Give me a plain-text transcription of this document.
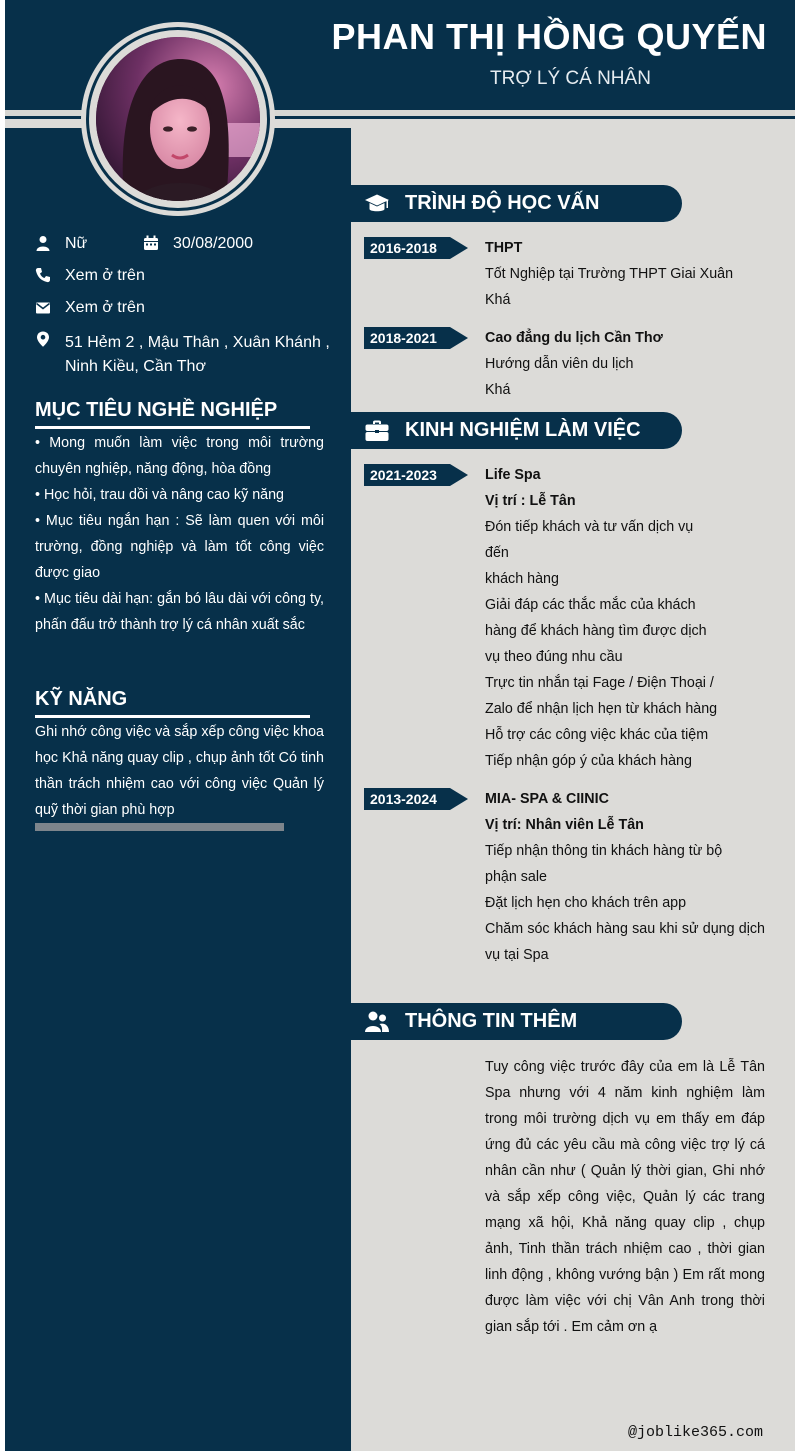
PHAN THỊ HỒNG QUYẾN
TRỢ LÝ CÁ NHÂN
Nữ	30/08/2000
Xem ở trên
Xem ở trên
51 Hẻm 2 , Mậu Thân , Xuân Khánh ,
Ninh Kiều, Cần Thơ
MỤC TIÊU NGHỀ NGHIỆP
• Mong muốn làm việc trong môi trường chuyên nghiệp, năng động, hòa đồng
• Học hỏi, trau dồi và nâng cao kỹ năng
• Mục tiêu ngắn hạn : Sẽ làm quen với môi trường, đồng nghiệp và làm tốt công việc được giao
• Mục tiêu dài hạn: gắn bó lâu dài với công ty, phấn đấu trở thành trợ lý cá nhân xuất sắc
KỸ NĂNG
Ghi nhớ công việc và sắp xếp công việc khoa học Khả năng quay clip , chụp ảnh tốt Có tinh thần trách nhiệm cao với công việc Quản lý quỹ thời gian phù hợp
TRÌNH ĐỘ HỌC VẤN
2016-2018	THPT
Tốt Nghiệp tại Trường THPT Giai Xuân
Khá
2018-2021	Cao đẳng du lịch Cần Thơ
Hướng dẫn viên du lịch
Khá
KINH NGHIỆM LÀM VIỆC
2021-2023	Life Spa
Vị trí : Lễ Tân
Đón tiếp khách và tư vấn dịch vụ đến
khách hàng
Giải đáp các thắc mắc của khách
hàng để khách hàng tìm được dịch
vụ theo đúng nhu cầu
Trực tin nhắn tại Fage / Điện Thoại /
Zalo để nhận lịch hẹn từ khách hàng
Hỗ trợ các công việc khác của tiệm
Tiếp nhận góp ý của khách hàng
2013-2024	MIA- SPA & CIINIC
Vị trí: Nhân viên Lễ Tân
Tiếp nhận thông tin khách hàng từ bộ
phận sale
Đặt lịch hẹn cho khách trên app
Chăm sóc khách hàng sau khi sử dụng dịch vụ tại Spa
THÔNG TIN THÊM
Tuy công việc trước đây của em là Lễ Tân Spa nhưng với 4 năm kinh nghiệm làm trong môi trường dịch vụ em thấy em đáp ứng đủ các yêu cầu mà công việc trợ lý cá nhân cần như ( Quản lý thời gian, Ghi nhớ và sắp xếp công việc, Quản lý các trang mạng xã hội, Khả năng quay clip , chụp ảnh, Tinh thần trách nhiệm cao , thời gian linh động , không vướng bận ) Em rất mong được làm việc với chị Vân Anh trong thời gian sắp tới . Em cảm ơn ạ
@joblike365.com
